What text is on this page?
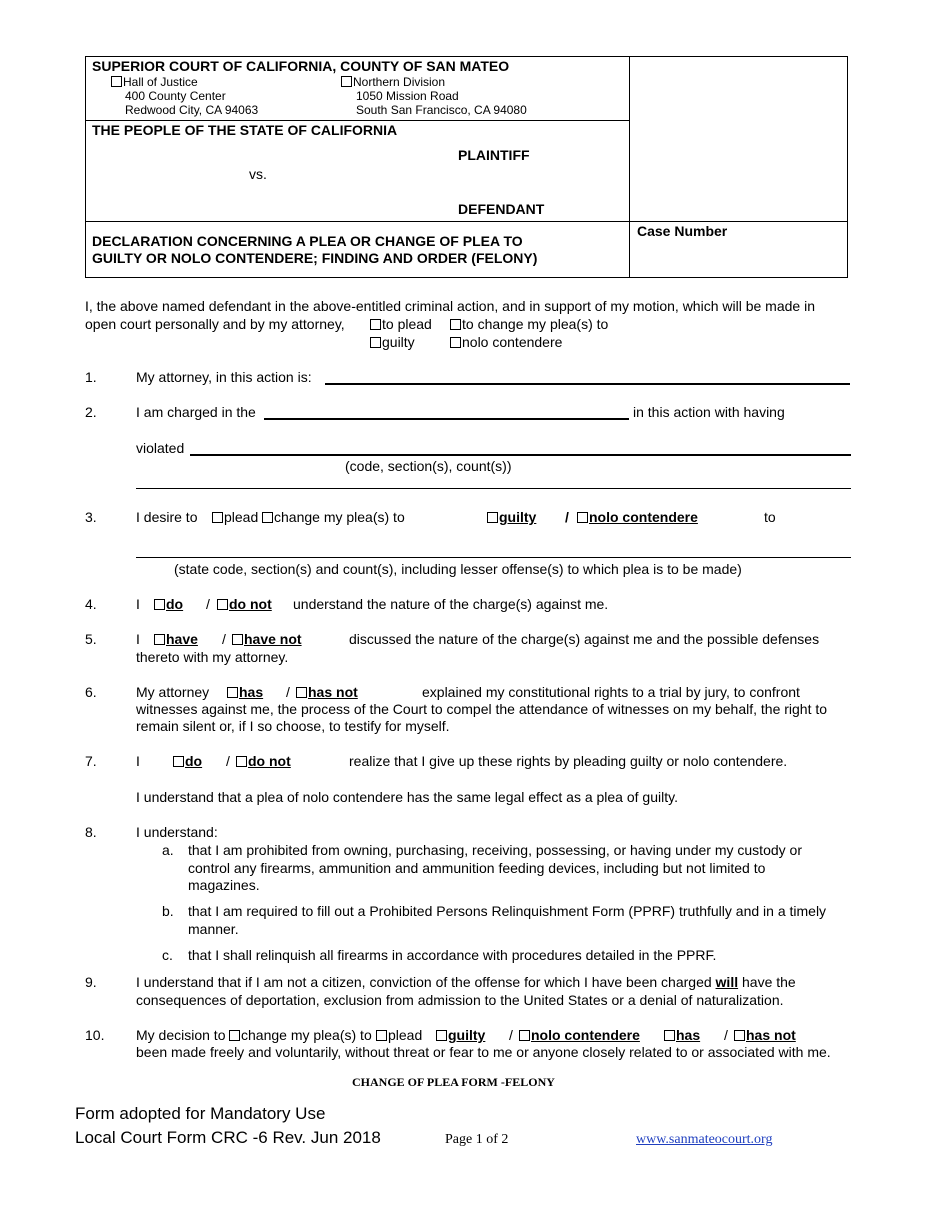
SUPERIOR COURT OF CALIFORNIA, COUNTY OF SAN MATEO
Hall of Justice
400 County Center
Redwood City, CA 94063
Northern Division
1050 Mission Road
South San Francisco, CA 94080
THE PEOPLE OF THE STATE OF CALIFORNIA
PLAINTIFF
vs.
DEFENDANT
DECLARATION CONCERNING A PLEA OR CHANGE OF PLEA TO
GUILTY OR NOLO CONTENDERE; FINDING AND ORDER (FELONY)
Case Number
I, the above named defendant in the above-entitled criminal action, and in support of my motion, which will be made in
open court personally and by my attorney,	to plead	to change my plea(s) to
guilty	nolo contendere
1.	My attorney, in this action is:
2.	I am charged in the	in this action with having
violated
(code, section(s), count(s))
3.	I desire to	plead	change my plea(s) to	guilty /	nolo contendere	to
(state code, section(s) and count(s), including lesser offense(s) to which plea is to be made)
4.	I	do /	do not understand the nature of the charge(s) against me.
5.	I	have /	have not	discussed the nature of the charge(s) against me and the possible defenses
thereto with my attorney.
6.	My attorney	has /	has not	explained my constitutional rights to a trial by jury, to confront
witnesses against me, the process of the Court to compel the attendance of witnesses on my behalf, the right to
remain silent or, if I so choose, to testify for myself.
7.	I	do /	do not	realize that I give up these rights by pleading guilty or nolo contendere.
I understand that a plea of nolo contendere has the same legal effect as a plea of guilty.
8.	I understand:
a. that I am prohibited from owning, purchasing, receiving, possessing, or having under my custody or
control any firearms, ammunition and ammunition feeding devices, including but not limited to
magazines.
b. that I am required to fill out a Prohibited Persons Relinquishment Form (PPRF) truthfully and in a timely
manner.
c. that I shall relinquish all firearms in accordance with procedures detailed in the PPRF.
9.	I understand that if I am not a citizen, conviction of the offense for which I have been charged will have the
consequences of deportation, exclusion from admission to the United States or a denial of naturalization.
10. My decision to	change my plea(s) to	plead	guilty /	nolo contendere	has /	has not
been made freely and voluntarily, without threat or fear to me or anyone closely related to or associated with me.
CHANGE OF PLEA FORM -FELONY
Form adopted for Mandatory Use
Local Court Form CRC -6 Rev. Jun 2018	Page 1 of 2	www.sanmateocourt.org
